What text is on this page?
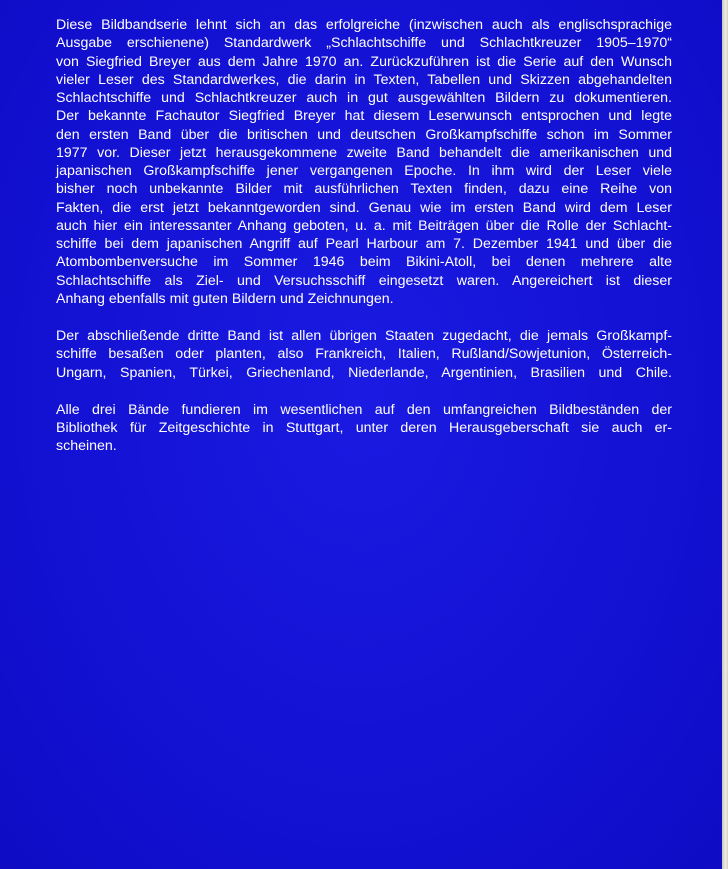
Diese Bildbandserie lehnt sich an das erfolgreiche (inzwischen auch als englischsprachige
Ausgabe erschienene) Standardwerk „Schlachtschiffe und Schlachtkreuzer 1905–1970“
von Siegfried Breyer aus dem Jahre 1970 an. Zurückzuführen ist die Serie auf den Wunsch
vieler Leser des Standardwerkes, die darin in Texten, Tabellen und Skizzen abgehandelten
Schlachtschiffe und Schlachtkreuzer auch in gut ausgewählten Bildern zu dokumentieren.
Der bekannte Fachautor Siegfried Breyer hat diesem Leserwunsch entsprochen und legte
den ersten Band über die britischen und deutschen Großkampfschiffe schon im Sommer
1977 vor. Dieser jetzt herausgekommene zweite Band behandelt die amerikanischen und
japanischen Großkampfschiffe jener vergangenen Epoche. In ihm wird der Leser viele
bisher noch unbekannte Bilder mit ausführlichen Texten finden, dazu eine Reihe von
Fakten, die erst jetzt bekanntgeworden sind. Genau wie im ersten Band wird dem Leser
auch hier ein interessanter Anhang geboten, u. a. mit Beiträgen über die Rolle der Schlacht-
schiffe bei dem japanischen Angriff auf Pearl Harbour am 7. Dezember 1941 und über die
Atombombenversuche im Sommer 1946 beim Bikini-Atoll, bei denen mehrere alte
Schlachtschiffe als Ziel- und Versuchsschiff eingesetzt waren. Angereichert ist dieser
Anhang ebenfalls mit guten Bildern und Zeichnungen.

Der abschließende dritte Band ist allen übrigen Staaten zugedacht, die jemals Großkampf-
schiffe besaßen oder planten, also Frankreich, Italien, Rußland/Sowjetunion, Österreich-
Ungarn, Spanien, Türkei, Griechenland, Niederlande, Argentinien, Brasilien und Chile.

Alle drei Bände fundieren im wesentlichen auf den umfangreichen Bildbeständen der
Bibliothek für Zeitgeschichte in Stuttgart, unter deren Herausgeberschaft sie auch er-
scheinen.
